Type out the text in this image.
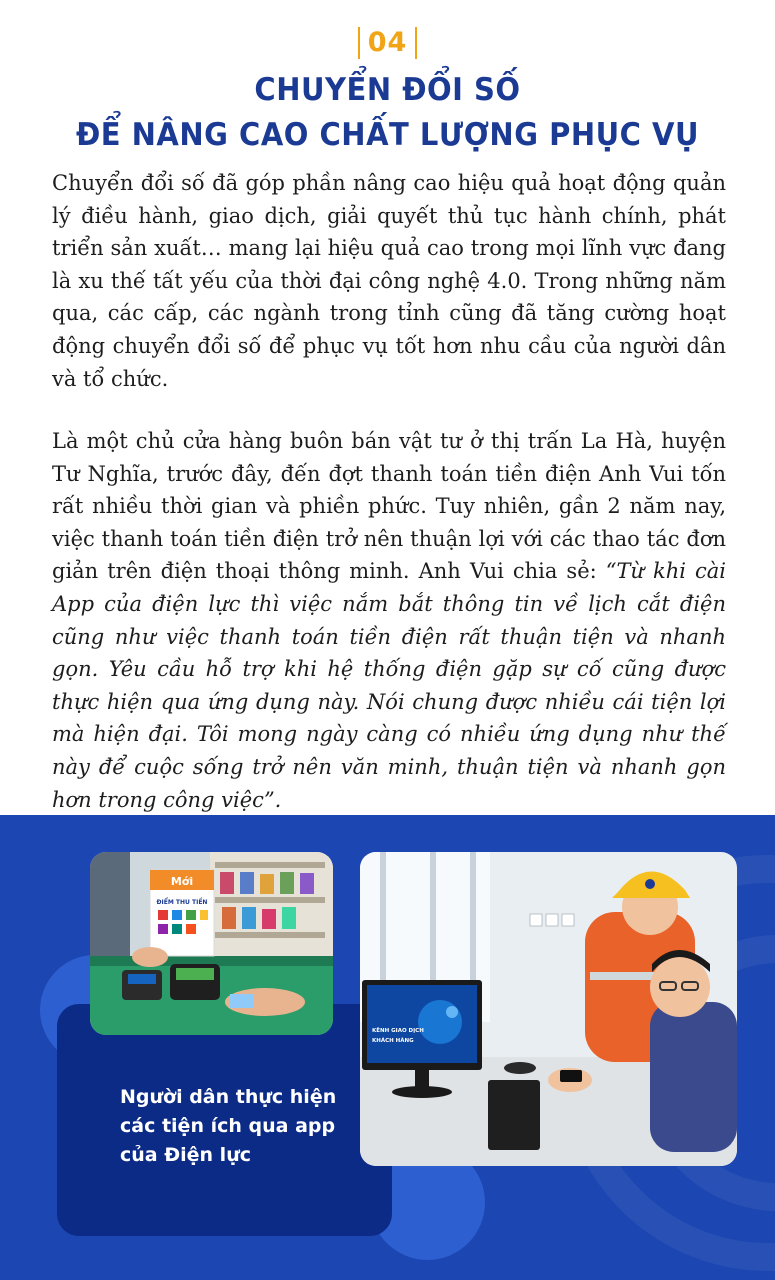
04
CHUYỂN ĐỔI SỐ
ĐỂ NÂNG CAO CHẤT LƯỢNG PHỤC VỤ

Chuyển đổi số đã góp phần nâng cao hiệu quả hoạt động quản lý điều hành, giao dịch, giải quyết thủ tục hành chính, phát triển sản xuất… mang lại hiệu quả cao trong mọi lĩnh vực đang là xu thế tất yếu của thời đại công nghệ 4.0. Trong những năm qua, các cấp, các ngành trong tỉnh cũng đã tăng cường hoạt động chuyển đổi số để phục vụ tốt hơn nhu cầu của người dân và tổ chức.

Là một chủ cửa hàng buôn bán vật tư ở thị trấn La Hà, huyện Tư Nghĩa, trước đây, đến đợt thanh toán tiền điện Anh Vui tốn rất nhiều thời gian và phiền phức. Tuy nhiên, gần 2 năm nay, việc thanh toán tiền điện trở nên thuận lợi với các thao tác đơn giản trên điện thoại thông minh. Anh Vui chia sẻ: “Từ khi cài App của điện lực thì việc nắm bắt thông tin về lịch cắt điện cũng như việc thanh toán tiền điện rất thuận tiện và nhanh gọn. Yêu cầu hỗ trợ khi hệ thống điện gặp sự cố cũng được thực hiện qua ứng dụng này. Nói chung được nhiều cái tiện lợi mà hiện đại. Tôi mong ngày càng có nhiều ứng dụng như thế này để cuộc sống trở nên văn minh, thuận tiện và nhanh gọn hơn trong công việc”.

Người dân thực hiện
các tiện ích qua app
của Điện lực

Mới
ĐIỂM THU TIỀN
KÊNH GIAO DỊCH
KHÁCH HÀNG
